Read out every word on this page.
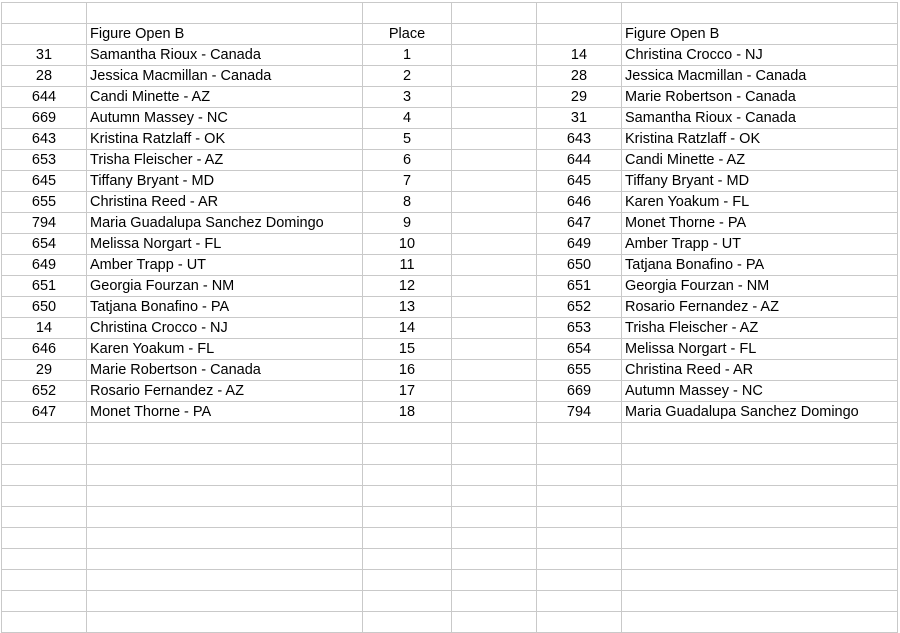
	Figure Open B	Place			Figure Open B
31	Samantha Rioux - Canada	1		14	Christina Crocco - NJ
28	Jessica Macmillan - Canada	2		28	Jessica Macmillan - Canada
644	Candi Minette - AZ	3		29	Marie Robertson - Canada
669	Autumn Massey - NC	4		31	Samantha Rioux - Canada
643	Kristina Ratzlaff - OK	5		643	Kristina Ratzlaff - OK
653	Trisha Fleischer - AZ	6		644	Candi Minette - AZ
645	Tiffany Bryant - MD	7		645	Tiffany Bryant - MD
655	Christina Reed - AR	8		646	Karen Yoakum - FL
794	Maria Guadalupa Sanchez Domingo	9		647	Monet Thorne - PA
654	Melissa Norgart - FL	10		649	Amber Trapp - UT
649	Amber Trapp - UT	11		650	Tatjana Bonafino - PA
651	Georgia Fourzan - NM	12		651	Georgia Fourzan - NM
650	Tatjana Bonafino - PA	13		652	Rosario Fernandez - AZ
14	Christina Crocco - NJ	14		653	Trisha Fleischer - AZ
646	Karen Yoakum - FL	15		654	Melissa Norgart - FL
29	Marie Robertson - Canada	16		655	Christina Reed - AR
652	Rosario Fernandez - AZ	17		669	Autumn Massey - NC
647	Monet Thorne - PA	18		794	Maria Guadalupa Sanchez Domingo
